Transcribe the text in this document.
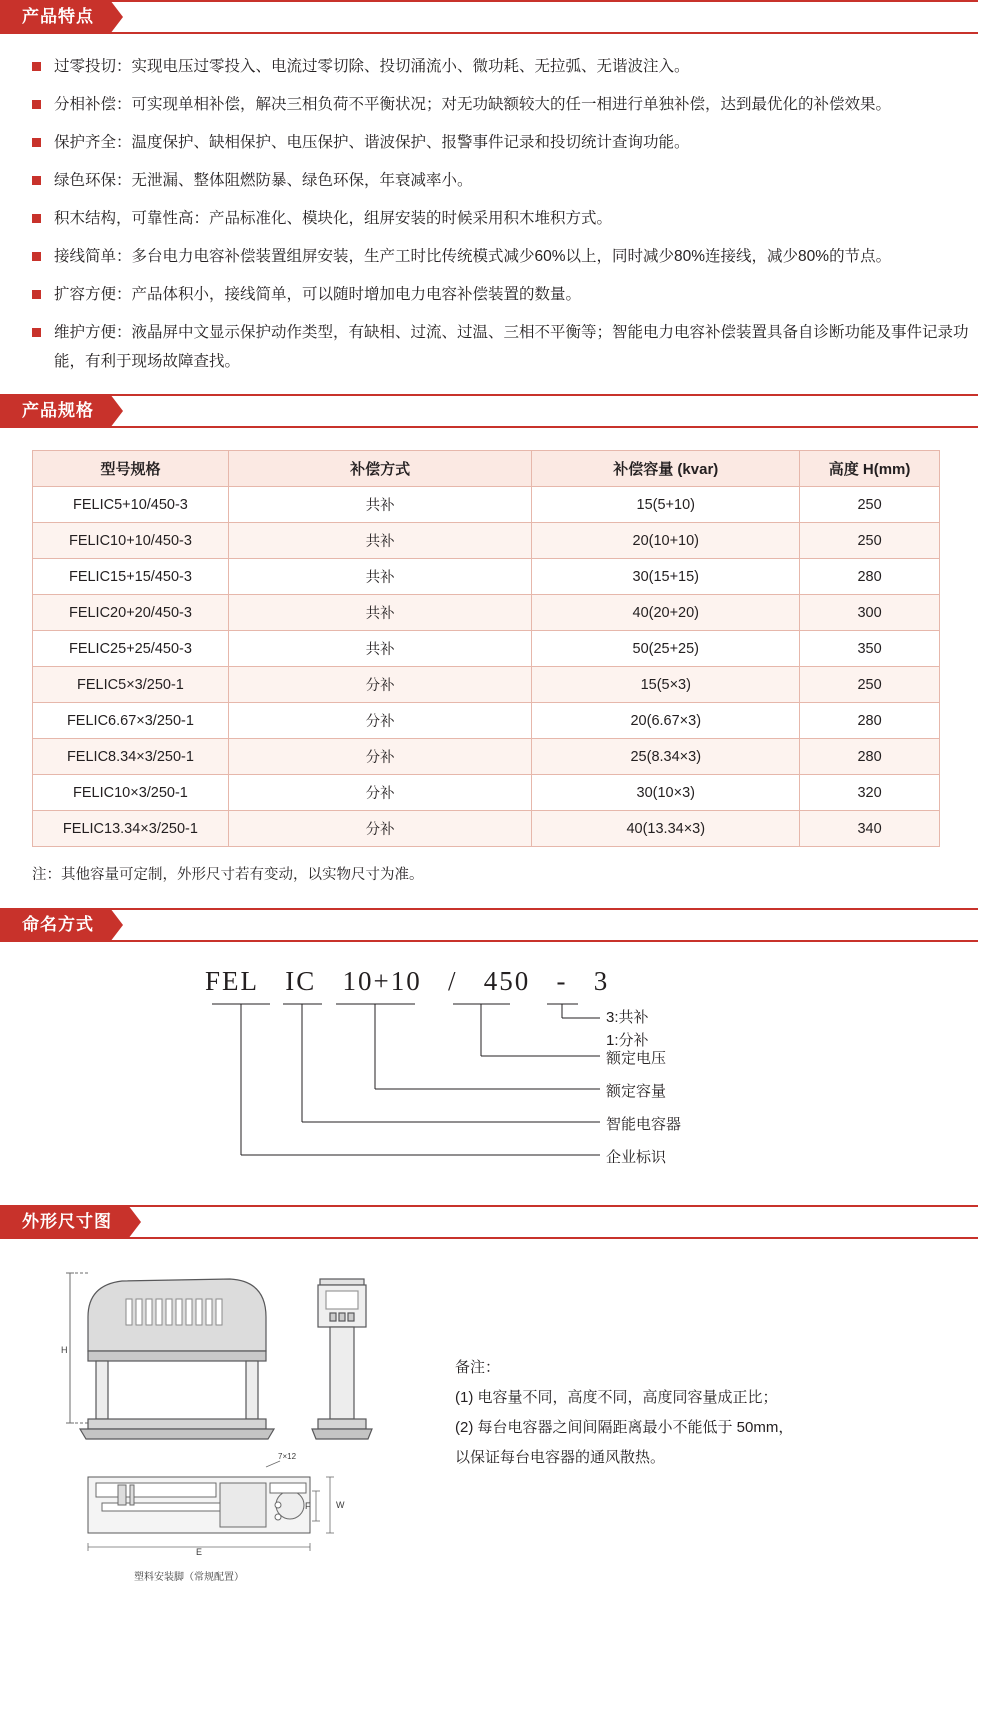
产品特点
过零投切：实现电压过零投入、电流过零切除、投切涌流小、微功耗、无拉弧、无谐波注入。
分相补偿：可实现单相补偿，解决三相负荷不平衡状况；对无功缺额较大的任一相进行单独补偿，达到最优化的补偿效果。
保护齐全：温度保护、缺相保护、电压保护、谐波保护、报警事件记录和投切统计查询功能。
绿色环保：无泄漏、整体阻燃防暴、绿色环保，年衰减率小。
积木结构，可靠性高：产品标准化、模块化，组屏安装的时候采用积木堆积方式。
接线简单：多台电力电容补偿装置组屏安装，生产工时比传统模式减少60%以上，同时减少80%连接线，减少80%的节点。
扩容方便：产品体积小，接线简单，可以随时增加电力电容补偿装置的数量。
维护方便：液晶屏中文显示保护动作类型，有缺相、过流、过温、三相不平衡等；智能电力电容补偿装置具备自诊断功能及事件记录功能，有利于现场故障查找。
产品规格
型号规格	补偿方式	补偿容量 (kvar)	高度 H(mm)
FELIC5+10/450-3	共补	15(5+10)	250
FELIC10+10/450-3	共补	20(10+10)	250
FELIC15+15/450-3	共补	30(15+15)	280
FELIC20+20/450-3	共补	40(20+20)	300
FELIC25+25/450-3	共补	50(25+25)	350
FELIC5×3/250-1	分补	15(5×3)	250
FELIC6.67×3/250-1	分补	20(6.67×3)	280
FELIC8.34×3/250-1	分补	25(8.34×3)	280
FELIC10×3/250-1	分补	30(10×3)	320
FELIC13.34×3/250-1	分补	40(13.34×3)	340
注：其他容量可定制，外形尺寸若有变动，以实物尺寸为准。
命名方式
FEL IC 10+10 / 450 - 3
3:共补
1:分补
额定电压
额定容量
智能电容器
企业标识
外形尺寸图
H
E
W
F
7×12
塑料安装脚（常规配置）
备注：
(1) 电容量不同，高度不同，高度同容量成正比；
(2) 每台电容器之间间隔距离最小不能低于 50mm，
以保证每台电容器的通风散热。
